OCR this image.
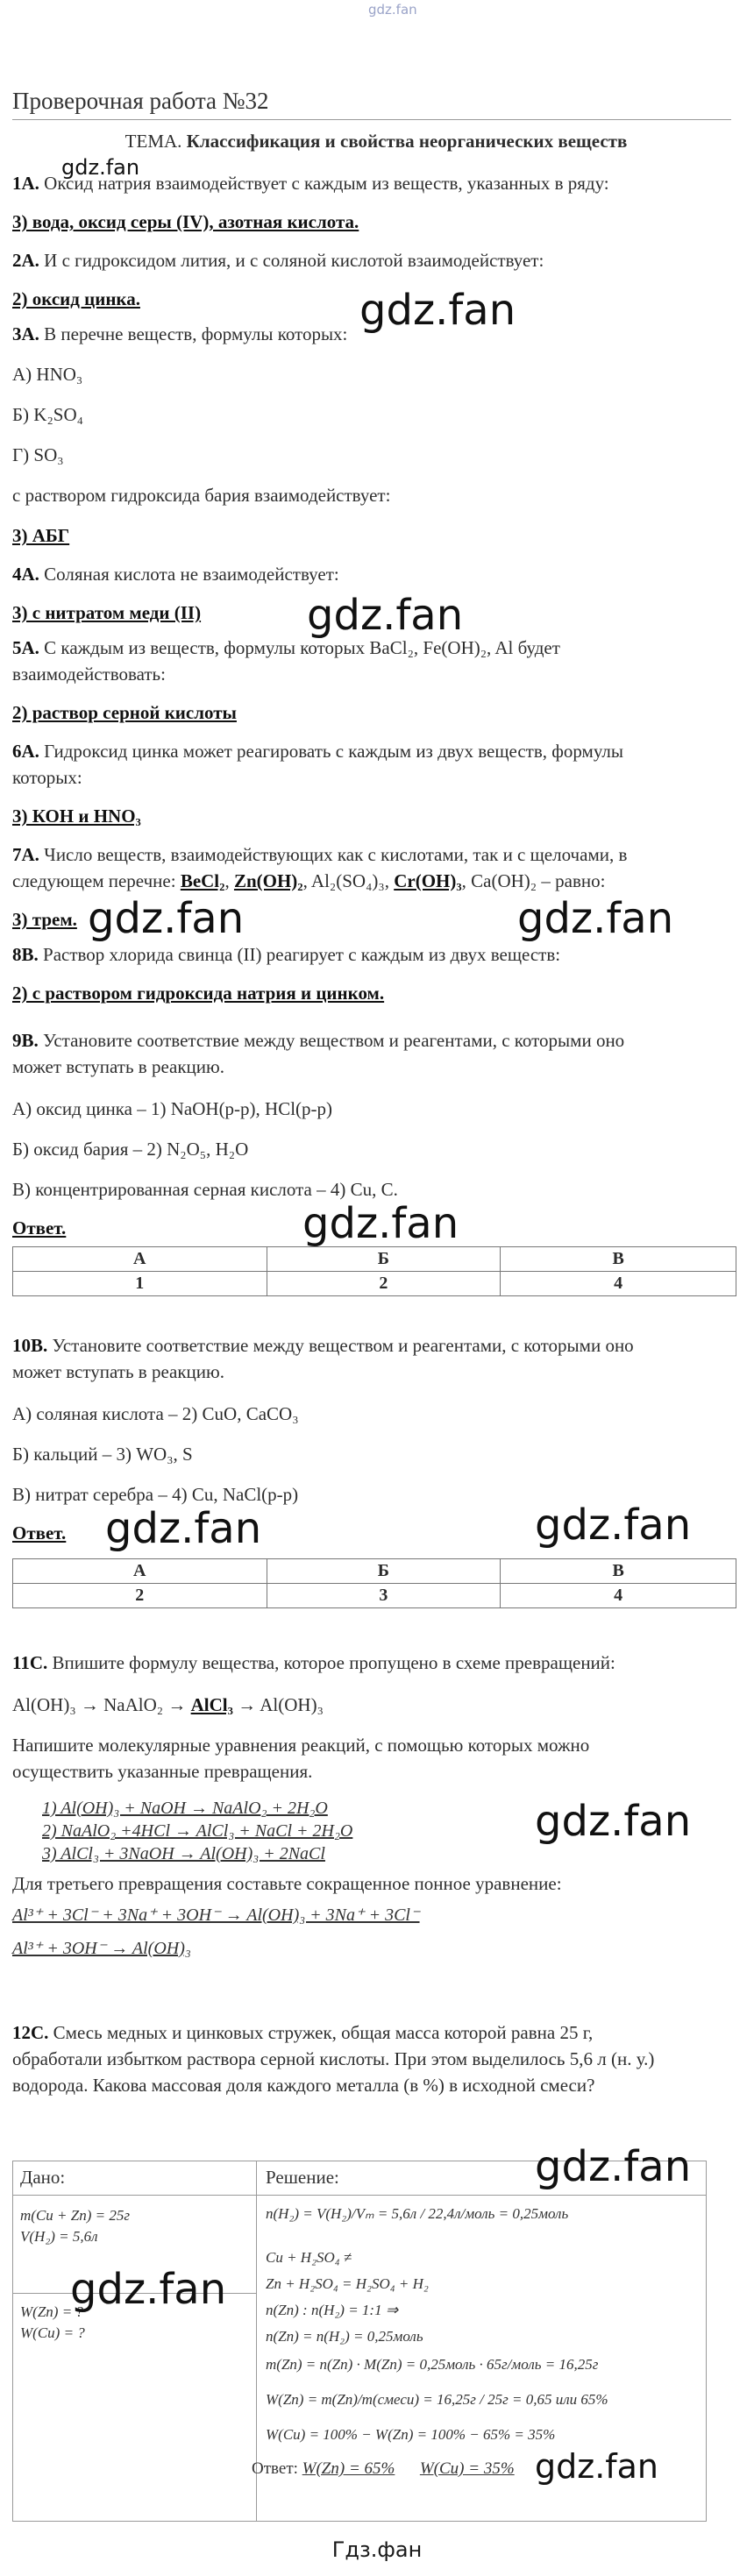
gdz.fan
Проверочная работа №32
ТЕМА. Классификация и свойства неорганических веществ
gdz.fan
1А. Оксид натрия взаимодействует с каждым из веществ, указанных в ряду:
3) вода, оксид серы (IV), азотная кислота.
2А. И с гидроксидом лития, и с соляной кислотой взаимодействует:
2) оксид цинка.
3А. В перечне веществ, формулы которых: gdz.fan
А) HNO₃
Б) K₂SO₄
Г) SO₃
с раствором гидроксида бария взаимодействует:
3) АБГ
4А. Соляная кислота не взаимодействует:
3) с нитратом меди (II)	gdz.fan
5А. С каждым из веществ, формулы которых BaCl₂, Fe(OH)₂, Al будет
взаимодействовать:
2) раствор серной кислоты
6А. Гидроксид цинка может реагировать с каждым из двух веществ, формулы
которых:
3) КОН и HNO₃
7А. Число веществ, взаимодействующих как с кислотами, так и с щелочами, в
следующем перечне: BeCl₂, Zn(OH)₂, Al₂(SO₄)₃, Cr(OH)₃, Ca(OH)₂ – равно:
3) трем. gdz.fan	gdz.fan
8В. Раствор хлорида свинца (II) реагирует с каждым из двух веществ:
2) с раствором гидроксида натрия и цинком.
9В. Установите соответствие между веществом и реагентами, с которыми оно
может вступать в реакцию.
А) оксид цинка – 1) NaOH(р-р), HCl(р-р)
Б) оксид бария – 2) N₂O₅, H₂O
В) концентрированная серная кислота – 4) Cu, C.
gdz.fan
Ответ.
А	Б	В
1	2	4
10В. Установите соответствие между веществом и реагентами, с которыми оно
может вступать в реакцию.
А) соляная кислота – 2) CuO, CaCO₃
Б) кальций – 3) WO₃, S
В) нитрат серебра – 4) Cu, NaCl(р-р)
Ответ. gdz.fan	gdz.fan
А	Б	В
2	3	4
11С. Впишите формулу вещества, которое пропущено в схеме превращений:
Al(OH)₃ → NaAlO₂ → AlCl₃ → Al(OH)₃
Напишите молекулярные уравнения реакций, с помощью которых можно
осуществить указанные превращения.
1) Al(OH)₃ + NaOH → NaAlO₂ + 2H₂O
2) NaAlO₂ +4HCl → AlCl₃ + NaCl + 2H₂O
3) AlCl₃ + 3NaOH → Al(OH)₃ + 2NaCl
gdz.fan
Для третьего превращения составьте сокращенное понное уравнение:
Al³⁺ + 3Cl⁻ + 3Na⁺ + 3OH⁻ → Al(OH)₃ + 3Na⁺ + 3Cl⁻
Al³⁺ + 3OH⁻ → Al(OH)₃
12С. Смесь медных и цинковых стружек, общая масса которой равна 25 г,
обработали избытком раствора серной кислоты. При этом выделилось 5,6 л (н. у.)
водорода. Какова массовая доля каждого металла (в %) в исходной смеси?
Дано:	Решение:
m(Cu + Zn) = 25г
V(H₂) = 5,6л
W(Zn) = ?
W(Cu) = ?
n(H₂) = V(H₂)/Vₘ = 5,6л / 22,4л/моль = 0,25моль
Cu + H₂SO₄ ≠
Zn + H₂SO₄ = H₂SO₄ + H₂
n(Zn) : n(H₂) = 1:1 ⇒
n(Zn) = n(H₂) = 0,25моль
m(Zn) = n(Zn) · M(Zn) = 0,25моль · 65г/моль = 16,25г
W(Zn) = m(Zn)/m(смеси) = 16,25г / 25г = 0,65 или 65%
W(Cu) = 100% − W(Zn) = 100% − 65% = 35%
Ответ: W(Zn) = 65% W(Cu) = 35%
gdz.fan
gdz.fan
gdz.fan
Гдз.фан
